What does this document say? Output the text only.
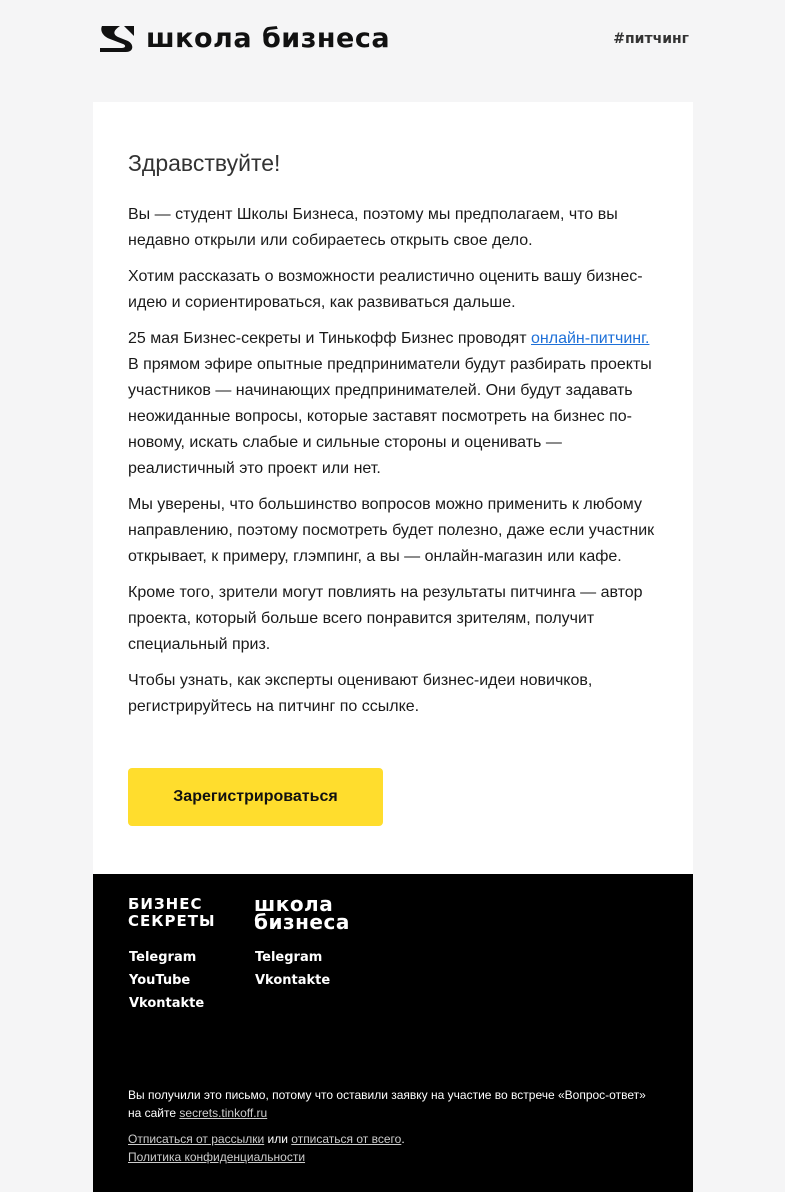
школа бизнеса	#питчинг
Здравствуйте!

Вы — студент Школы Бизнеса, поэтому мы предполагаем, что вы недавно открыли или собираетесь открыть свое дело.

Хотим рассказать о возможности реалистично оценить вашу бизнес-идею и сориентироваться, как развиваться дальше.

25 мая Бизнес-секреты и Тинькофф Бизнес проводят онлайн-питчинг. В прямом эфире опытные предприниматели будут разбирать проекты участников — начинающих предпринимателей. Они будут задавать неожиданные вопросы, которые заставят посмотреть на бизнес по-новому, искать слабые и сильные стороны и оценивать — реалистичный это проект или нет.

Мы уверены, что большинство вопросов можно применить к любому направлению, поэтому посмотреть будет полезно, даже если участник открывает, к примеру, глэмпинг, а вы — онлайн-магазин или кафе.

Кроме того, зрители могут повлиять на результаты питчинга — автор проекта, который больше всего понравится зрителям, получит специальный приз.

Чтобы узнать, как эксперты оценивают бизнес-идеи новичков, регистрируйтесь на питчинг по ссылке.

Зарегистрироваться
БИЗНЕС
СЕКРЕТЫ
школа
бизнеса
Telegram
YouTube
Vkontakte
Telegram
Vkontakte

Вы получили это письмо, потому что оставили заявку на участие во встрече «Вопрос-ответ» на сайте secrets.tinkoff.ru

Отписаться от рассылки или отписаться от всего.

Политика конфиденциальности
